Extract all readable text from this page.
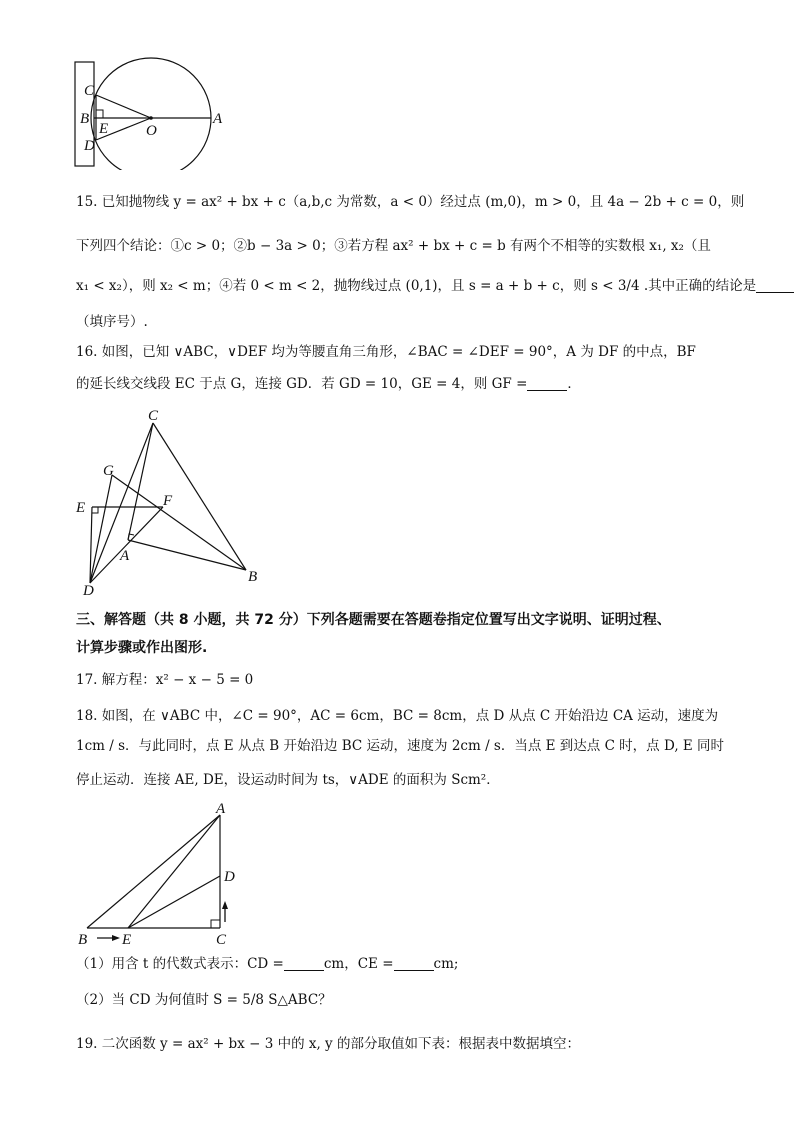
C
B
E
D
O
A
15. 已知抛物线 y = ax² + bx + c（a,b,c 为常数，a < 0）经过点 (m,0)，m > 0，且 4a − 2b + c = 0，则
下列四个结论：①c > 0；②b − 3a > 0；③若方程 ax² + bx + c = b 有两个不相等的实数根 x₁, x₂（且
x₁ < x₂），则 x₂ < m；④若 0 < m < 2，抛物线过点 (0,1)，且 s = a + b + c，则 s < 3/4 .其中正确的结论是
（填序号）.
16. 如图，已知 ∨ABC，∨DEF 均为等腰直角三角形，∠BAC = ∠DEF = 90°，A 为 DF 的中点，BF
的延长线交线段 EC 于点 G，连接 GD．若 GD = 10，GE = 4，则 GF =	．
C
G
F
E
A
D
B
三、解答题（共 8 小题，共 72 分）下列各题需要在答题卷指定位置写出文字说明、证明过程、
计算步骤或作出图形.
17. 解方程：x² − x − 5 = 0
18. 如图，在 ∨ABC 中，∠C = 90°，AC = 6cm，BC = 8cm，点 D 从点 C 开始沿边 CA 运动，速度为
1cm / s．与此同时，点 E 从点 B 开始沿边 BC 运动，速度为 2cm / s．当点 E 到达点 C 时，点 D, E 同时
停止运动．连接 AE, DE，设运动时间为 ts，∨ADE 的面积为 Scm²．
A
D
B E	C
（1）用含 t 的代数式表示：CD =	cm，CE =	cm;
（2）当 CD 为何值时 S = 5/8 S△ABC？
19. 二次函数 y = ax² + bx − 3 中的 x, y 的部分取值如下表：根据表中数据填空：
